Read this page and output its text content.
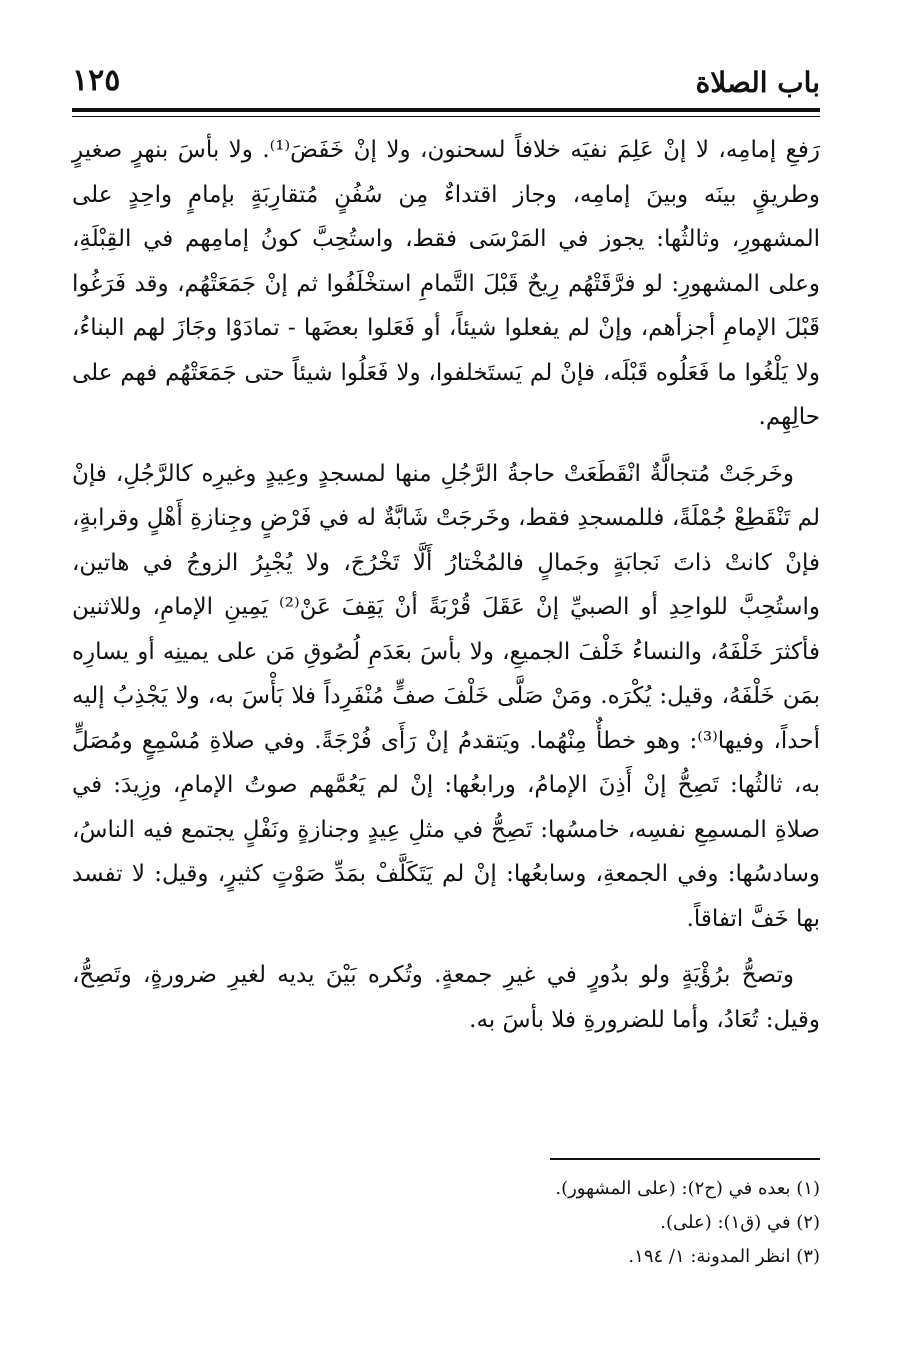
باب الصلاة
١٢٥

رَفعِ إمامِه، لا إنْ عَلِمَ نفيَه خلافاً لسحنون، ولا إنْ خَفَضَ⁽¹⁾. ولا بأسَ بنهرٍ صغيرٍ وطريقٍ بينَه وبينَ إمامِه، وجاز اقتداءٌ مِن سُفُنٍ مُتقارِبَةٍ بإمامٍ واحِدٍ على المشهورِ، وثالثُها: يجوز في المَرْسَى فقط، واستُحِبَّ كونُ إمامِهم في القِبْلَةِ، وعلى المشهورِ: لو فرَّقَتْهُم رِيحٌ قَبْلَ التَّمامِ استخْلَفُوا ثم إنْ جَمَعَتْهُم، وقد فَرَغُوا قَبْلَ الإمامِ أجزأهم، وإنْ لم يفعلوا شيئاً، أو فَعَلوا بعضَها - تمادَوْا وجَازَ لهم البناءُ، ولا يَلْغُوا ما فَعَلُوه قَبْلَه، فإنْ لم يَستَخلفوا، ولا فَعَلُوا شيئاً حتى جَمَعَتْهُم فهم على حالِهِم.

وخَرجَتْ مُتجالَّةٌ انْقَطَعَتْ حاجةُ الرَّجُلِ منها لمسجدٍ وعِيدٍ وغيرِه كالرَّجُلِ، فإنْ لم تَنْقَطِعْ جُمْلَةً، فللمسجدِ فقط، وخَرجَتْ شَابَّةٌ له في فَرْضٍ وجِنازةِ أَهْلٍ وقرابةٍ، فإنْ كانتْ ذاتَ نَجابَةٍ وجَمالٍ فالمُخْتارُ أَلَّا تَخْرُجَ، ولا يُجْبِرُ الزوجُ في هاتين، واستُحِبَّ للواحِدِ أو الصبيِّ إنْ عَقَلَ قُرْبَةً أنْ يَقِفَ عَنْ⁽²⁾ يَمِينِ الإمامِ، وللاثنين فأكثرَ خَلْفَهُ، والنساءُ خَلْفَ الجميعِ، ولا بأسَ بعَدَمِ لُصُوقِ مَن على يمينِه أو يسارِه بمَن خَلْفَهُ، وقيل: يُكْرَه. ومَنْ صَلَّى خَلْفَ صفٍّ مُنْفَرِداً فلا بَأْسَ به، ولا يَجْذِبُ إليه أحداً، وفيها⁽³⁾: وهو خطأٌ مِنْهُما. ويَتقدمُ إنْ رَأَى فُرْجَةً. وفي صلاةِ مُسْمِعٍ ومُصَلٍّ به، ثالثُها: تَصِحُّ إنْ أَذِنَ الإمامُ، ورابعُها: إنْ لم يَعُمَّهم صوتُ الإمامِ، وزِيدَ: في صلاةِ المسمِعِ نفسِه، خامسُها: تَصِحُّ في مثلِ عِيدٍ وجنازةٍ ونَفْلٍ يجتمع فيه الناسُ، وسادسُها: وفي الجمعةِ، وسابعُها: إنْ لم يَتَكَلَّفْ بمَدِّ صَوْتٍ كثيرٍ، وقيل: لا تفسد بها خَفَّ اتفاقاً.

وتصحُّ برُؤْيَةٍ ولو بدُورٍ في غيرِ جمعةٍ. وتُكره بَيْنَ يديه لغيرِ ضرورةٍ، وتَصِحُّ، وقيل: تُعَادُ، وأما للضرورةِ فلا بأسَ به.

(١) بعده في (ح٢): (على المشهور).

(٢) في (ق١): (على).

(٣) انظر المدونة: ١/ ١٩٤.
